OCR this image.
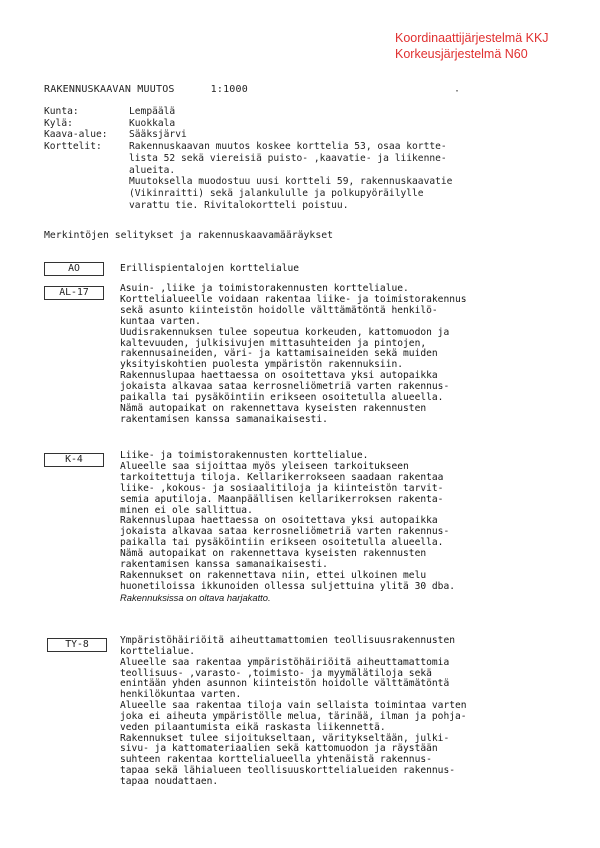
Koordinaattijärjestelmä KKJ
Korkeusjärjestelmä N60
RAKENNUSKAAVAN MUUTOS	1:1000	·
Kunta:	Lempäälä
Kylä:	Kuokkala
Kaava-alue:	Sääksjärvi
Korttelit:	Rakennuskaavan muutos koskee korttelia 53, osaa kortte-
lista 52 sekä viereisiä puisto- ,kaavatie- ja liikenne-
alueita.
Muutoksella muodostuu uusi kortteli 59, rakennuskaavatie
(Vikinraitti) sekä jalankululle ja polkupyöräilylle
varattu tie. Rivitalokortteli poistuu.
Merkintöjen selitykset ja rakennuskaavamääräykset
AO	Erillispientalojen korttelialue
AL-17	Asuin- ,liike ja toimistorakennusten korttelialue.
Korttelialueelle voidaan rakentaa liike- ja toimistorakennus
sekä asunto kiinteistön hoidolle välttämätöntä henkilö-
kuntaa varten.
Uudisrakennuksen tulee sopeutua korkeuden, kattomuodon ja
kaltevuuden, julkisivujen mittasuhteiden ja pintojen,
rakennusaineiden, väri- ja kattamisaineiden sekä muiden
yksityiskohtien puolesta ympäristön rakennuksiin.
Rakennuslupaa haettaessa on osoitettava yksi autopaikka
jokaista alkavaa sataa kerrosneliömetriä varten rakennus-
paikalla tai pysäköintiin erikseen osoitetulla alueella.
Nämä autopaikat on rakennettava kyseisten rakennusten
rakentamisen kanssa samanaikaisesti.
K-4	Liike- ja toimistorakennusten korttelialue.
Alueelle saa sijoittaa myös yleiseen tarkoitukseen
tarkoitettuja tiloja. Kellarikerrokseen saadaan rakentaa
liike- ,kokous- ja sosiaalitiloja ja kiinteistön tarvit-
semia aputiloja. Maanpäällisen kellarikerroksen rakenta-
minen ei ole sallittua.
Rakennuslupaa haettaessa on osoitettava yksi autopaikka
jokaista alkavaa sataa kerrosneliömetriä varten rakennus-
paikalla tai pysäköintiin erikseen osoitetulla alueella.
Nämä autopaikat on rakennettava kyseisten rakennusten
rakentamisen kanssa samanaikaisesti.
Rakennukset on rakennettava niin, ettei ulkoinen melu
huonetiloissa ikkunoiden ollessa suljettuina ylitä 30 dba.
Rakennuksissa on oltava harjakatto.
TY-8	Ympäristöhäiriöitä aiheuttamattomien teollisuusrakennusten
korttelialue.
Alueelle saa rakentaa ympäristöhäiriöitä aiheuttamattomia
teollisuus- ,varasto- ,toimisto- ja myymälätiloja sekä
enintään yhden asunnon kiinteistön hoidolle välttämätöntä
henkilökuntaa varten.
Alueelle saa rakentaa tiloja vain sellaista toimintaa varten
joka ei aiheuta ympäristölle melua, tärinää, ilman ja pohja-
veden pilaantumista eikä raskasta liikennettä.
Rakennukset tulee sijoitukseltaan, väritykseltään, julki-
sivu- ja kattomateriaalien sekä kattomuodon ja räystään
suhteen rakentaa korttelialueella yhtenäistä rakennus-
tapaa sekä lähialueen teollisuuskorttelialueiden rakennus-
tapaa noudattaen.
